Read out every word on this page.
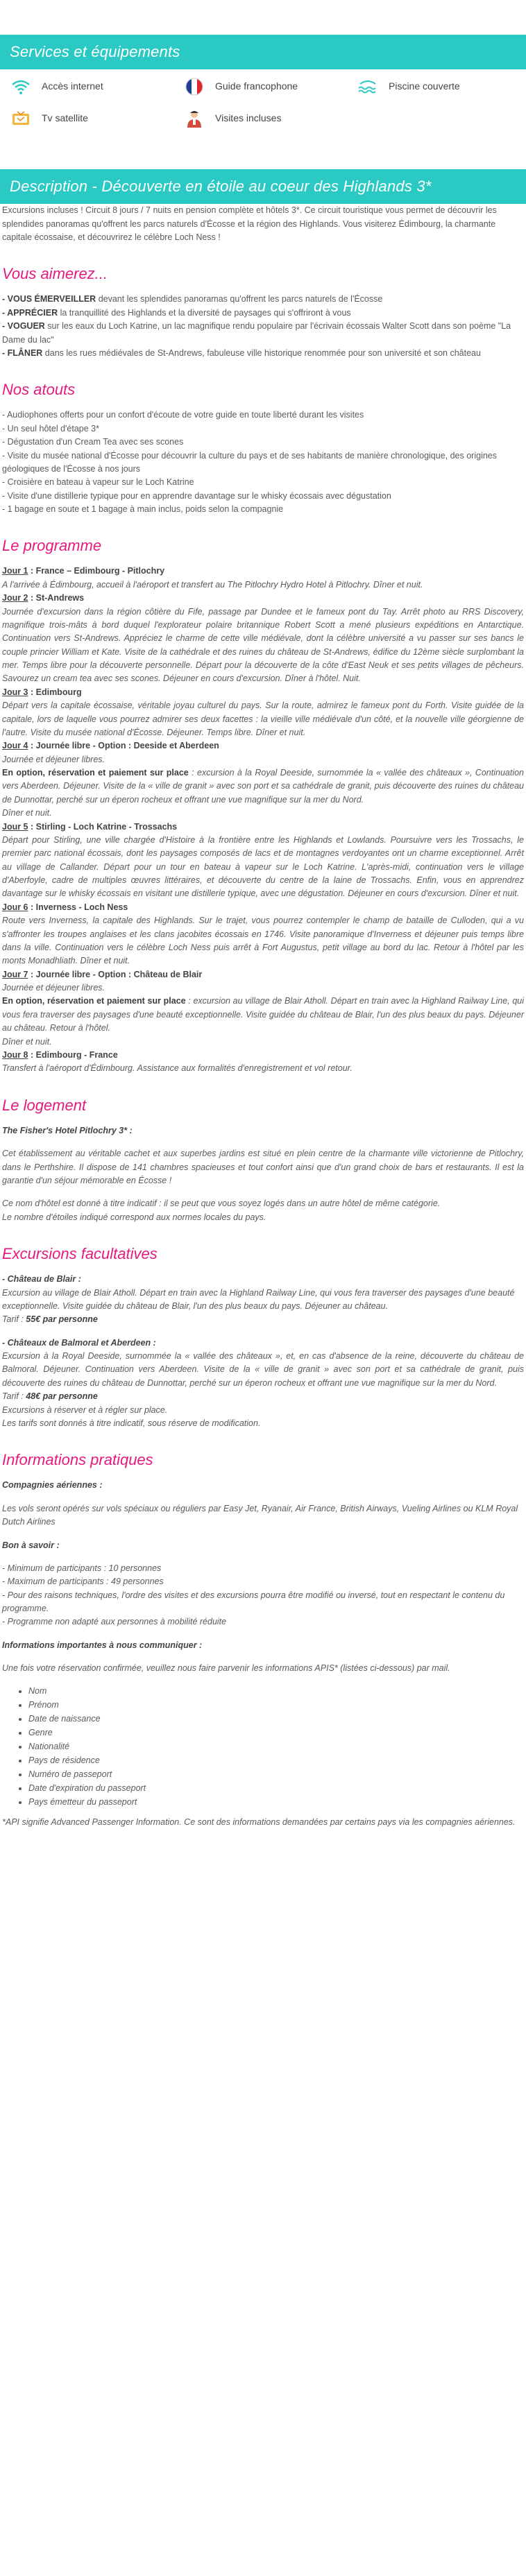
Services et équipements
Accès internet	Guide francophone	Piscine couverte
Tv satellite	Visites incluses
Description - Découverte en étoile au coeur des Highlands 3*

Excursions incluses ! Circuit 8 jours / 7 nuits en pension complète et hôtels 3*. Ce circuit touristique vous permet de découvrir les splendides panoramas qu'offrent les parcs naturels d'Écosse et la région des Highlands. Vous visiterez Édimbourg, la charmante capitale écossaise, et découvrirez le célèbre Loch Ness !

Vous aimerez...

- VOUS ÉMERVEILLER devant les splendides panoramas qu'offrent les parcs naturels de l'Écosse

- APPRÉCIER la tranquillité des Highlands et la diversité de paysages qui s'offriront à vous

- VOGUER sur les eaux du Loch Katrine, un lac magnifique rendu populaire par l'écrivain écossais Walter Scott dans son poème "La Dame du lac"

- FLÂNER dans les rues médiévales de St-Andrews, fabuleuse ville historique renommée pour son université et son château

Nos atouts

- Audiophones offerts pour un confort d'écoute de votre guide en toute liberté durant les visites

- Un seul hôtel d'étape 3*

- Dégustation d'un Cream Tea avec ses scones

- Visite du musée national d'Écosse pour découvrir la culture du pays et de ses habitants de manière chronologique, des origines géologiques de l'Écosse à nos jours

- Croisière en bateau à vapeur sur le Loch Katrine

- Visite d'une distillerie typique pour en apprendre davantage sur le whisky écossais avec dégustation

- 1 bagage en soute et 1 bagage à main inclus, poids selon la compagnie

Le programme

Jour 1 : France – Edimbourg - Pitlochry

A l'arrivée à Édimbourg, accueil à l'aéroport et transfert au The Pitlochry Hydro Hotel à Pitlochry. Dîner et nuit.

Jour 2 : St-Andrews

Journée d'excursion dans la région côtière du Fife, passage par Dundee et le fameux pont du Tay. Arrêt photo au RRS Discovery, magnifique trois-mâts à bord duquel l'explorateur polaire britannique Robert Scott a mené plusieurs expéditions en Antarctique. Continuation vers St-Andrews. Appréciez le charme de cette ville médiévale, dont la célèbre université a vu passer sur ses bancs le couple princier William et Kate. Visite de la cathédrale et des ruines du château de St-Andrews, édifice du 12ème siècle surplombant la mer. Temps libre pour la découverte personnelle. Départ pour la découverte de la côte d'East Neuk et ses petits villages de pêcheurs. Savourez un cream tea avec ses scones. Déjeuner en cours d'excursion. Dîner à l'hôtel. Nuit.

Jour 3 : Edimbourg

Départ vers la capitale écossaise, véritable joyau culturel du pays. Sur la route, admirez le fameux pont du Forth. Visite guidée de la capitale, lors de laquelle vous pourrez admirer ses deux facettes : la vieille ville médiévale d'un côté, et la nouvelle ville géorgienne de l'autre. Visite du musée national d'Écosse. Déjeuner. Temps libre. Dîner et nuit.

Jour 4 : Journée libre - Option : Deeside et Aberdeen

Journée et déjeuner libres.

En option, réservation et paiement sur place : excursion à la Royal Deeside, surnommée la « vallée des châteaux », Continuation vers Aberdeen. Déjeuner. Visite de la « ville de granit » avec son port et sa cathédrale de granit, puis découverte des ruines du château de Dunnottar, perché sur un éperon rocheux et offrant une vue magnifique sur la mer du Nord.

Dîner et nuit.

Jour 5 : Stirling - Loch Katrine - Trossachs

Départ pour Stirling, une ville chargée d'Histoire à la frontière entre les Highlands et Lowlands. Poursuivre vers les Trossachs, le premier parc national écossais, dont les paysages composés de lacs et de montagnes verdoyantes ont un charme exceptionnel. Arrêt au village de Callander. Départ pour un tour en bateau à vapeur sur le Loch Katrine. L'après-midi, continuation vers le village d'Aberfoyle, cadre de multiples œuvres littéraires, et découverte du centre de la laine de Trossachs. Enfin, vous en apprendrez davantage sur le whisky écossais en visitant une distillerie typique, avec une dégustation. Déjeuner en cours d'excursion. Dîner et nuit.

Jour 6 : Inverness - Loch Ness

Route vers Inverness, la capitale des Highlands. Sur le trajet, vous pourrez contempler le champ de bataille de Culloden, qui a vu s'affronter les troupes anglaises et les clans jacobites écossais en 1746. Visite panoramique d'Inverness et déjeuner puis temps libre dans la ville. Continuation vers le célèbre Loch Ness puis arrêt à Fort Augustus, petit village au bord du lac. Retour à l'hôtel par les monts Monadhliath. Dîner et nuit.

Jour 7 : Journée libre - Option : Château de Blair

Journée et déjeuner libres.

En option, réservation et paiement sur place : excursion au village de Blair Atholl. Départ en train avec la Highland Railway Line, qui vous fera traverser des paysages d'une beauté exceptionnelle. Visite guidée du château de Blair, l'un des plus beaux du pays. Déjeuner au château. Retour à l'hôtel.

Dîner et nuit.

Jour 8 : Edimbourg - France

Transfert à l'aéroport d'Édimbourg. Assistance aux formalités d'enregistrement et vol retour.

Le logement

The Fisher's Hotel Pitlochry 3* :

Cet établissement au véritable cachet et aux superbes jardins est situé en plein centre de la charmante ville victorienne de Pitlochry, dans le Perthshire. Il dispose de 141 chambres spacieuses et tout confort ainsi que d'un grand choix de bars et restaurants. Il est la garantie d'un séjour mémorable en Écosse !

Ce nom d'hôtel est donné à titre indicatif : il se peut que vous soyez logés dans un autre hôtel de même catégorie.

Le nombre d'étoiles indiqué correspond aux normes locales du pays.

Excursions facultatives

- Château de Blair :

Excursion au village de Blair Atholl. Départ en train avec la Highland Railway Line, qui vous fera traverser des paysages d'une beauté exceptionnelle. Visite guidée du château de Blair, l'un des plus beaux du pays. Déjeuner au château.

Tarif : 55€ par personne

- Châteaux de Balmoral et Aberdeen :

Excursion à la Royal Deeside, surnommée la « vallée des châteaux », et, en cas d'absence de la reine, découverte du château de Balmoral. Déjeuner. Continuation vers Aberdeen. Visite de la « ville de granit » avec son port et sa cathédrale de granit, puis découverte des ruines du château de Dunnottar, perché sur un éperon rocheux et offrant une vue magnifique sur la mer du Nord.

Tarif : 48€ par personne

Excursions à réserver et à régler sur place.

Les tarifs sont donnés à titre indicatif, sous réserve de modification.

Informations pratiques

Compagnies aériennes :

Les vols seront opérés sur vols spéciaux ou réguliers par Easy Jet, Ryanair, Air France, British Airways, Vueling Airlines ou KLM Royal Dutch Airlines

Bon à savoir :

- Minimum de participants : 10 personnes

- Maximum de participants : 49 personnes

- Pour des raisons techniques, l'ordre des visites et des excursions pourra être modifié ou inversé, tout en respectant le contenu du programme.

- Programme non adapté aux personnes à mobilité réduite

Informations importantes à nous communiquer :

Une fois votre réservation confirmée, veuillez nous faire parvenir les informations APIS* (listées ci-dessous) par mail.

• Nom
• Prénom
• Date de naissance
• Genre
• Nationalité
• Pays de résidence
• Numéro de passeport
• Date d'expiration du passeport
• Pays émetteur du passeport

*API signifie Advanced Passenger Information. Ce sont des informations demandées par certains pays via les compagnies aériennes.
